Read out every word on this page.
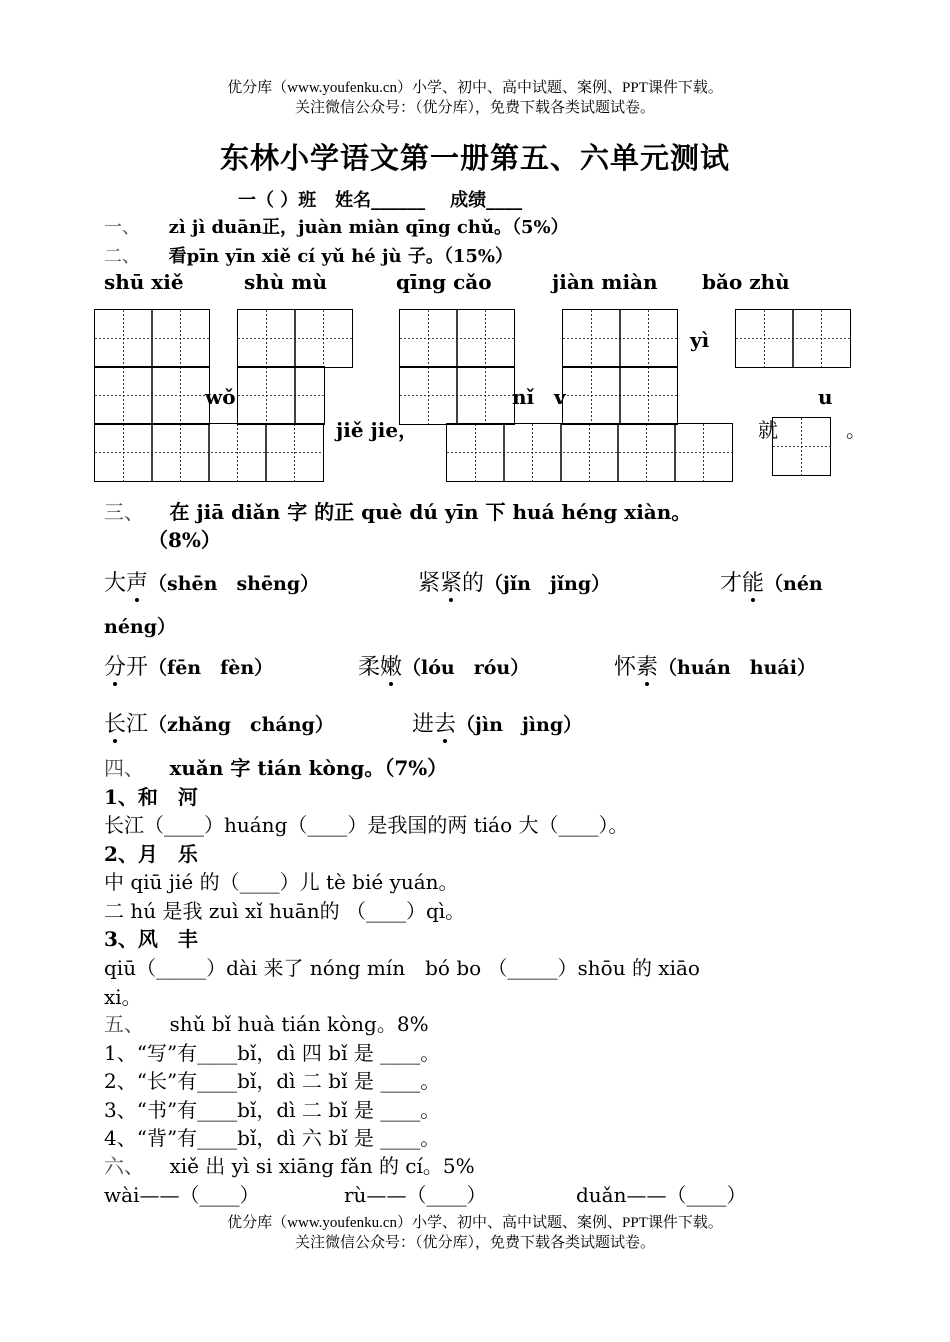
优分库（www.youfenku.cn）小学、初中、高中试题、案例、PPT课件下载。
关注微信公众号：（优分库），免费下载各类试题试卷。
东林小学语文第一册第五、六单元测试
一（ ）班 姓名______ 成绩____
一、 zì jì duān正，juàn miàn qīng chǔ。（5%）
二、 看pīn yīn xiě cí yǔ hé jù 子。（15%）
shū xiě	shù mù	qīng cǎo	jiàn miàn bǎo zhù
yì
wǒ	nǐ v	u
jiě jie，	就	。
三、 在 jiā diǎn 字 的正 què dú yīn 下 huá héng xiàn。
（8%）
大声（shēn　shēng）	紧紧的（jǐn　jǐng）	才能（nén
néng）
分开（fēn　fèn）	柔嫩（lóu　róu）	怀素（huán　huái）
长江（zhǎng　cháng）	进去（jìn　jìng）
四、 xuǎn 字 tián kòng。（7%）
1、和　河
长江（____）huáng（____）是我国的两 tiáo 大（____）。
2、月　乐
中 qiū jié 的（____）儿 tè bié yuán。
二 hú 是我 zuì xǐ huān的 （____）qì。
3、风　丰
qiū（_____）dài 来了 nóng mín　bó bo （_____）shōu 的 xiāo
xi。
五、 shǔ bǐ huà tián kòng。8%
1、“写”有____bǐ，dì 四 bǐ 是 ____。
2、“长”有____bǐ，dì 二 bǐ 是 ____。
3、“书”有____bǐ，dì 二 bǐ 是 ____。
4、“背”有____bǐ，dì 六 bǐ 是 ____。
六、 xiě 出 yì si xiāng fǎn 的 cí。5%
wài——（____）	rù——（____）	duǎn——（____）
优分库（www.youfenku.cn）小学、初中、高中试题、案例、PPT课件下载。
关注微信公众号：（优分库），免费下载各类试题试卷。
